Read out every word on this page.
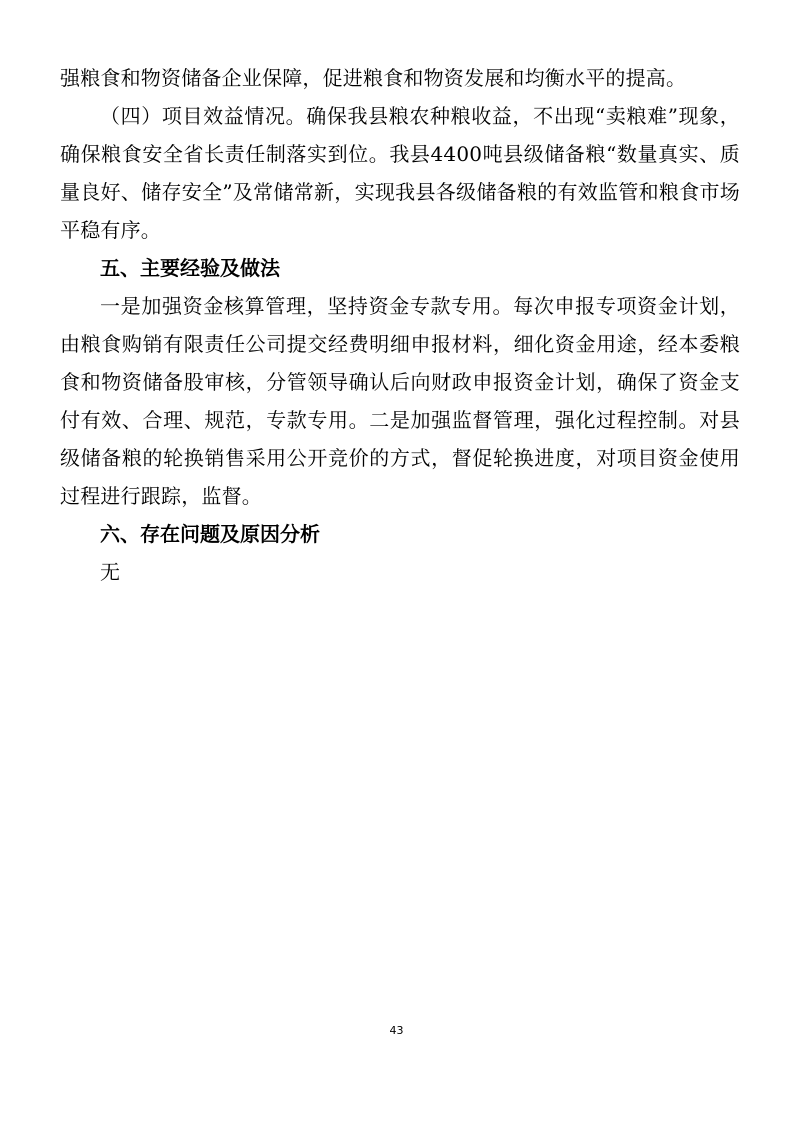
强粮食和物资储备企业保障，促进粮食和物资发展和均衡水平的提高。

（四）项目效益情况。确保我县粮农种粮收益，不出现“卖粮难”现象，确保粮食安全省长责任制落实到位。我县4400吨县级储备粮“数量真实、质量良好、储存安全”及常储常新，实现我县各级储备粮的有效监管和粮食市场平稳有序。

五、主要经验及做法

一是加强资金核算管理，坚持资金专款专用。每次申报专项资金计划，由粮食购销有限责任公司提交经费明细申报材料，细化资金用途，经本委粮食和物资储备股审核，分管领导确认后向财政申报资金计划，确保了资金支付有效、合理、规范，专款专用。二是加强监督管理，强化过程控制。对县级储备粮的轮换销售采用公开竞价的方式，督促轮换进度，对项目资金使用过程进行跟踪，监督。

六、存在问题及原因分析

无

43
